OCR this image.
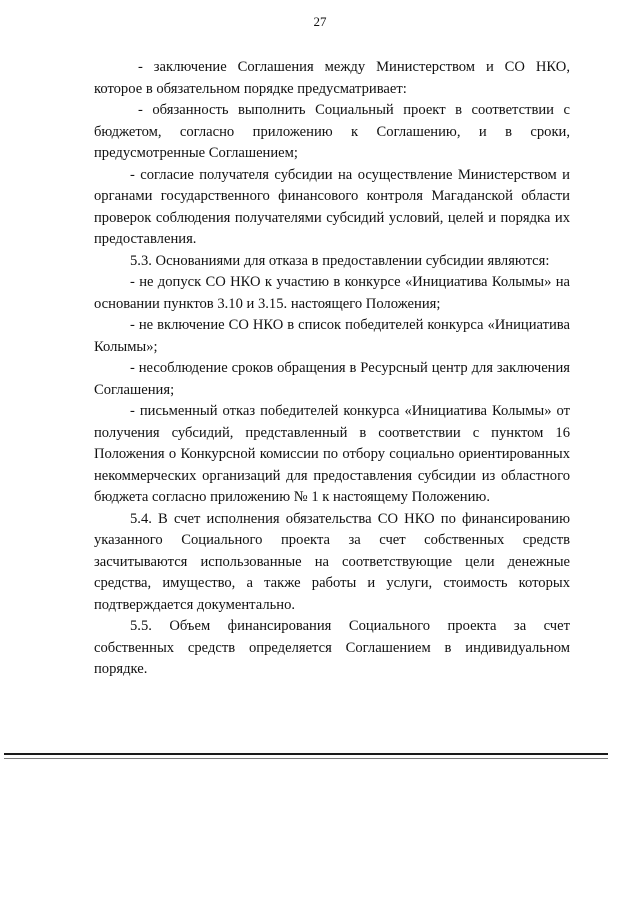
27

- заключение Соглашения между Министерством и СО НКО, которое в обязательном порядке предусматривает:

- обязанность выполнить Социальный проект в соответствии с бюджетом, согласно приложению к Соглашению, и в сроки, предусмотренные Соглашением;

- согласие получателя субсидии на осуществление Министерством и органами государственного финансового контроля Магаданской области проверок соблюдения получателями субсидий условий, целей и порядка их предоставления.

5.3. Основаниями для отказа в предоставлении субсидии являются:

- не допуск СО НКО к участию в конкурсе «Инициатива Колымы» на основании пунктов 3.10 и 3.15. настоящего Положения;

- не включение СО НКО в список победителей конкурса «Инициатива Колымы»;

- несоблюдение сроков обращения в Ресурсный центр для заключения Соглашения;

- письменный отказ победителей конкурса «Инициатива Колымы» от получения субсидий, представленный в соответствии с пунктом 16 Положения о Конкурсной комиссии по отбору социально ориентированных некоммерческих организаций для предоставления субсидии из областного бюджета согласно приложению № 1 к настоящему Положению.

5.4. В счет исполнения обязательства СО НКО по финансированию указанного Социального проекта за счет собственных средств засчитываются использованные на соответствующие цели денежные средства, имущество, а также работы и услуги, стоимость которых подтверждается документально.

5.5. Объем финансирования Социального проекта за счет собственных средств определяется Соглашением в индивидуальном порядке.
